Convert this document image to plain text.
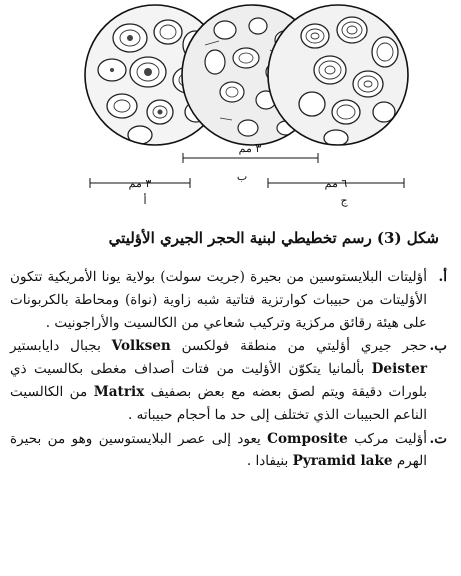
٣ مم
٣ مم	٦ مم
أ
ب
ج
شكل (3) رسم تخطيطي لبنية الحجر الجيري الأؤليتي

أ.
أؤليتات البلايستوسين من بحيرة (جريت سولت) بولاية يونا الأمريكية تتكون الأؤليتات من حبيبات كوارتزية فتاتية شبه زاوية (نواة) ومحاطة بالكربونات على هيئة رقائق مركزية وتركيب شعاعي من الكالسيت والأراجونيت .

ب.
حجر جيري أؤليتي من منطقة فولكسن Volksen بجبال دايابستير Deister بألمانيا يتكوّن الأؤليت من فتات أصداف مغطى بكالسيت ذي بلورات دقيقة ويتم لصق بعضه مع بعض بصفيف Matrix من الكالسيت الناعم الحبيبات الذي تختلف إلى حد ما أحجام حبيباته .

ت.
أؤليت مركب Composite يعود إلى عصر البلايستوسين وهو من بحيرة الهرم Pyramid lake بنيفادا .
